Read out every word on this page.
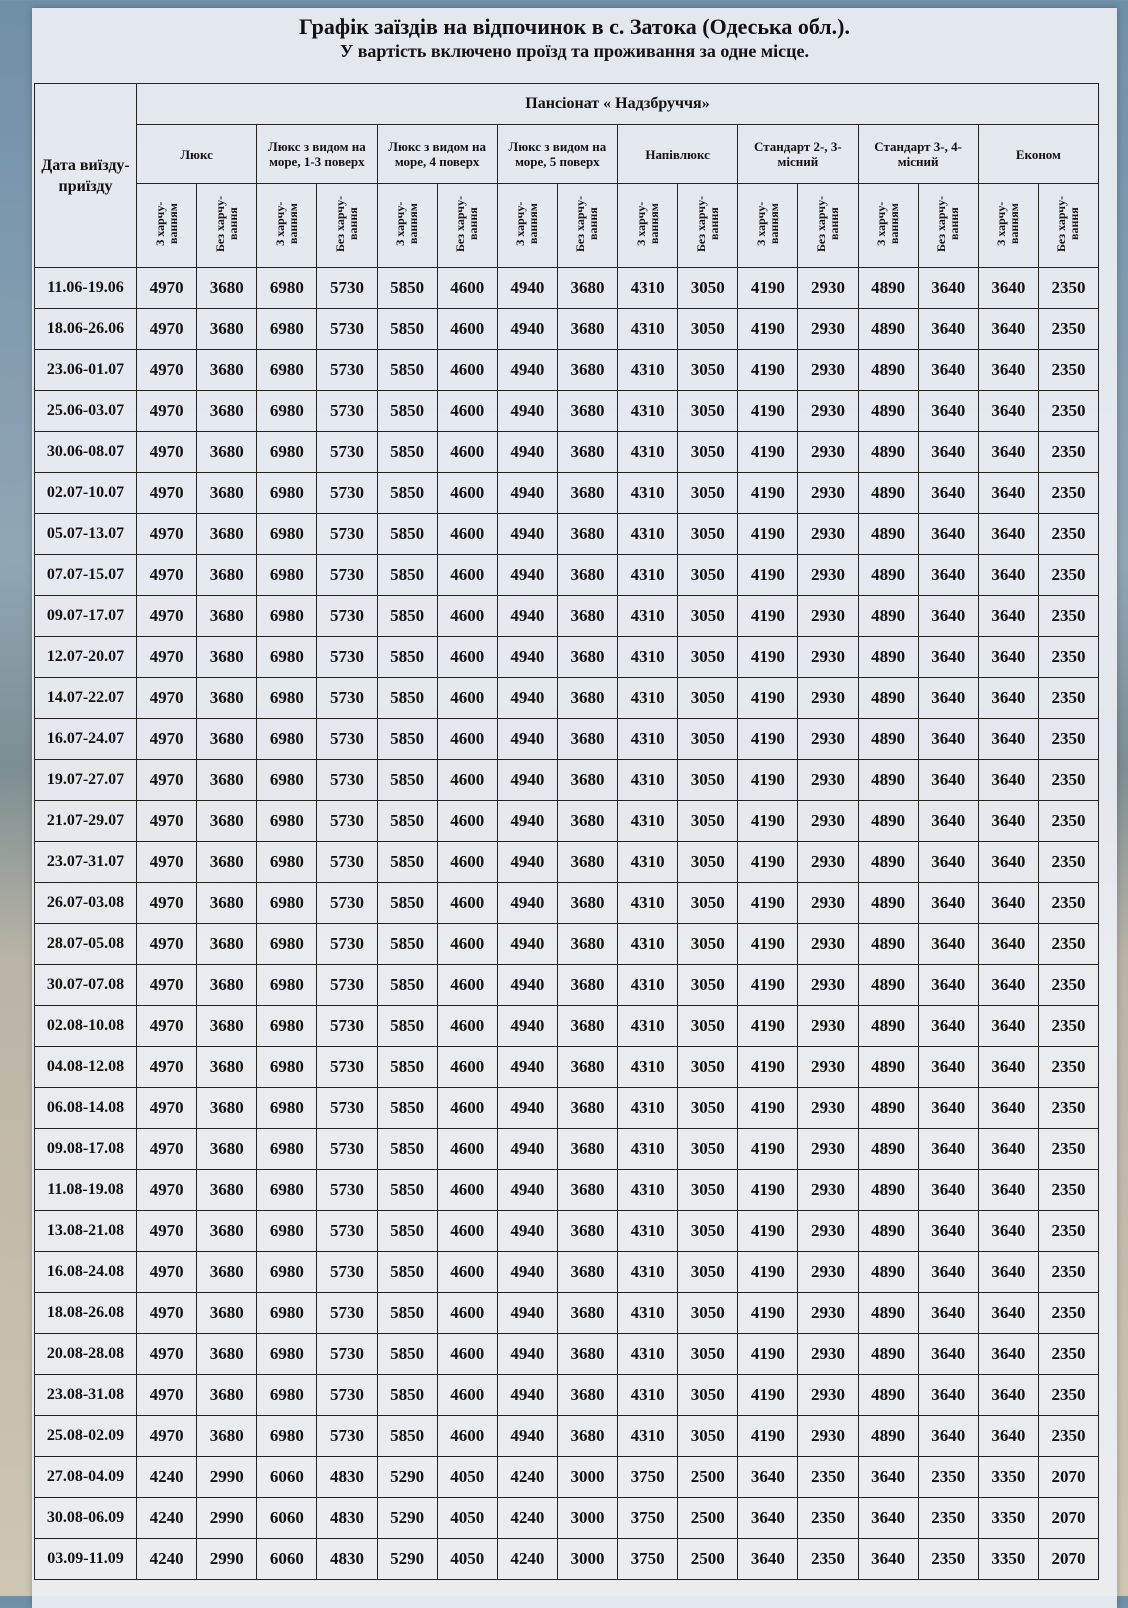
Графік заїздів на відпочинок в с. Затока (Одеська обл.).
У вартість включено проїзд та проживання за одне місце.
Дата виїзду-приїзду	Пансіонат « Надзбруччя»															
	Люкс		Люкс з видом на море, 1-3 поверх		Люкс з видом на море, 4 поверх		Люкс з видом на море, 5 поверх		Напівлюкс		Стандарт 2-, 3-місний		Стандарт 3-, 4-місний		Економ	
	З харчу-ванням	Без харчу-вання	З харчу-ванням	Без харчу-вання	З харчу-ванням	Без харчу-вання	З харчу-ванням	Без харчу-вання	З харчу-ванням	Без харчу-вання	З харчу-ванням	Без харчу-вання	З харчу-ванням	Без харчу-вання	З харчу-ванням	Без харчу-вання
11.06-19.06	4970	3680	6980	5730	5850	4600	4940	3680	4310	3050	4190	2930	4890	3640	3640	2350
18.06-26.06	4970	3680	6980	5730	5850	4600	4940	3680	4310	3050	4190	2930	4890	3640	3640	2350
23.06-01.07	4970	3680	6980	5730	5850	4600	4940	3680	4310	3050	4190	2930	4890	3640	3640	2350
25.06-03.07	4970	3680	6980	5730	5850	4600	4940	3680	4310	3050	4190	2930	4890	3640	3640	2350
30.06-08.07	4970	3680	6980	5730	5850	4600	4940	3680	4310	3050	4190	2930	4890	3640	3640	2350
02.07-10.07	4970	3680	6980	5730	5850	4600	4940	3680	4310	3050	4190	2930	4890	3640	3640	2350
05.07-13.07	4970	3680	6980	5730	5850	4600	4940	3680	4310	3050	4190	2930	4890	3640	3640	2350
07.07-15.07	4970	3680	6980	5730	5850	4600	4940	3680	4310	3050	4190	2930	4890	3640	3640	2350
09.07-17.07	4970	3680	6980	5730	5850	4600	4940	3680	4310	3050	4190	2930	4890	3640	3640	2350
12.07-20.07	4970	3680	6980	5730	5850	4600	4940	3680	4310	3050	4190	2930	4890	3640	3640	2350
14.07-22.07	4970	3680	6980	5730	5850	4600	4940	3680	4310	3050	4190	2930	4890	3640	3640	2350
16.07-24.07	4970	3680	6980	5730	5850	4600	4940	3680	4310	3050	4190	2930	4890	3640	3640	2350
19.07-27.07	4970	3680	6980	5730	5850	4600	4940	3680	4310	3050	4190	2930	4890	3640	3640	2350
21.07-29.07	4970	3680	6980	5730	5850	4600	4940	3680	4310	3050	4190	2930	4890	3640	3640	2350
23.07-31.07	4970	3680	6980	5730	5850	4600	4940	3680	4310	3050	4190	2930	4890	3640	3640	2350
26.07-03.08	4970	3680	6980	5730	5850	4600	4940	3680	4310	3050	4190	2930	4890	3640	3640	2350
28.07-05.08	4970	3680	6980	5730	5850	4600	4940	3680	4310	3050	4190	2930	4890	3640	3640	2350
30.07-07.08	4970	3680	6980	5730	5850	4600	4940	3680	4310	3050	4190	2930	4890	3640	3640	2350
02.08-10.08	4970	3680	6980	5730	5850	4600	4940	3680	4310	3050	4190	2930	4890	3640	3640	2350
04.08-12.08	4970	3680	6980	5730	5850	4600	4940	3680	4310	3050	4190	2930	4890	3640	3640	2350
06.08-14.08	4970	3680	6980	5730	5850	4600	4940	3680	4310	3050	4190	2930	4890	3640	3640	2350
09.08-17.08	4970	3680	6980	5730	5850	4600	4940	3680	4310	3050	4190	2930	4890	3640	3640	2350
11.08-19.08	4970	3680	6980	5730	5850	4600	4940	3680	4310	3050	4190	2930	4890	3640	3640	2350
13.08-21.08	4970	3680	6980	5730	5850	4600	4940	3680	4310	3050	4190	2930	4890	3640	3640	2350
16.08-24.08	4970	3680	6980	5730	5850	4600	4940	3680	4310	3050	4190	2930	4890	3640	3640	2350
18.08-26.08	4970	3680	6980	5730	5850	4600	4940	3680	4310	3050	4190	2930	4890	3640	3640	2350
20.08-28.08	4970	3680	6980	5730	5850	4600	4940	3680	4310	3050	4190	2930	4890	3640	3640	2350
23.08-31.08	4970	3680	6980	5730	5850	4600	4940	3680	4310	3050	4190	2930	4890	3640	3640	2350
25.08-02.09	4970	3680	6980	5730	5850	4600	4940	3680	4310	3050	4190	2930	4890	3640	3640	2350
27.08-04.09	4240	2990	6060	4830	5290	4050	4240	3000	3750	2500	3640	2350	3640	2350	3350	2070
30.08-06.09	4240	2990	6060	4830	5290	4050	4240	3000	3750	2500	3640	2350	3640	2350	3350	2070
03.09-11.09	4240	2990	6060	4830	5290	4050	4240	3000	3750	2500	3640	2350	3640	2350	3350	2070
